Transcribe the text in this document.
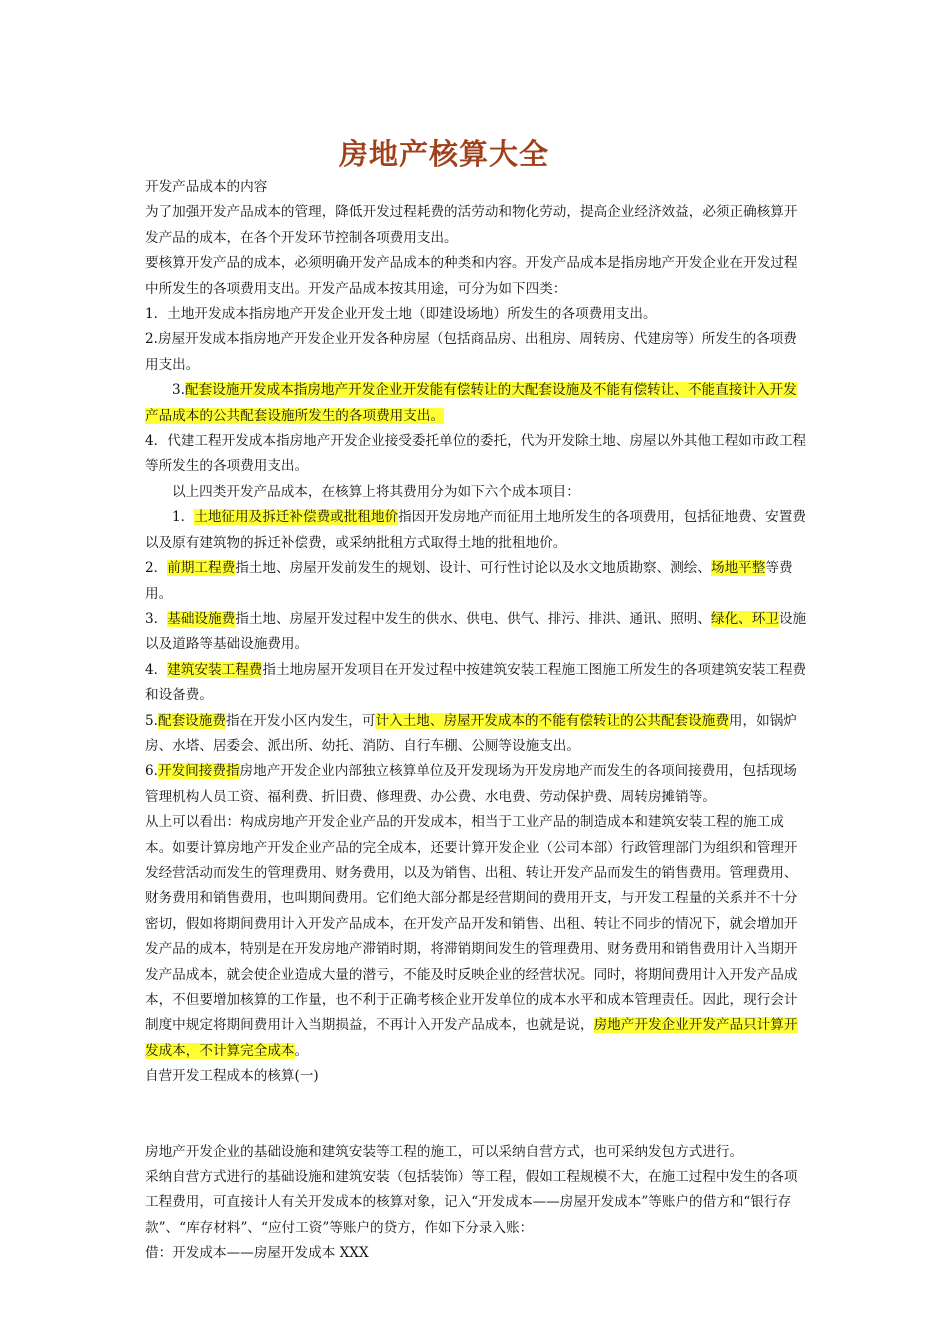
房地产核算大全

开发产品成本的内容

为了加强开发产品成本的管理，降低开发过程耗费的活劳动和物化劳动，提高企业经济效益，必须正确核算开发产品的成本，在各个开发环节控制各项费用支出。

要核算开发产品的成本，必须明确开发产品成本的种类和内容。开发产品成本是指房地产开发企业在开发过程中所发生的各项费用支出。开发产品成本按其用途，可分为如下四类：

1．土地开发成本指房地产开发企业开发土地（即建设场地）所发生的各项费用支出。

2.房屋开发成本指房地产开发企业开发各种房屋（包括商品房、出租房、周转房、代建房等）所发生的各项费用支出。

3.配套设施开发成本指房地产开发企业开发能有偿转让的大配套设施及不能有偿转让、不能直接计入开发产品成本的公共配套设施所发生的各项费用支出。

4．代建工程开发成本指房地产开发企业接受委托单位的委托，代为开发除土地、房屋以外其他工程如市政工程等所发生的各项费用支出。

以上四类开发产品成本，在核算上将其费用分为如下六个成本项目：

1．土地征用及拆迁补偿费或批租地价指因开发房地产而征用土地所发生的各项费用，包括征地费、安置费以及原有建筑物的拆迁补偿费，或采纳批租方式取得土地的批租地价。

2．前期工程费指土地、房屋开发前发生的规划、设计、可行性讨论以及水文地质勘察、测绘、场地平整等费用。

3．基础设施费指土地、房屋开发过程中发生的供水、供电、供气、排污、排洪、通讯、照明、绿化、环卫设施以及道路等基础设施费用。

4．建筑安装工程费指土地房屋开发项目在开发过程中按建筑安装工程施工图施工所发生的各项建筑安装工程费和设备费。

5.配套设施费指在开发小区内发生，可计入土地、房屋开发成本的不能有偿转让的公共配套设施费用，如锅炉房、水塔、居委会、派出所、幼托、消防、自行车棚、公厕等设施支出。

6.开发间接费指房地产开发企业内部独立核算单位及开发现场为开发房地产而发生的各项间接费用，包括现场管理机构人员工资、福利费、折旧费、修理费、办公费、水电费、劳动保护费、周转房摊销等。

从上可以看出：构成房地产开发企业产品的开发成本，相当于工业产品的制造成本和建筑安装工程的施工成本。如要计算房地产开发企业产品的完全成本，还要计算开发企业（公司本部）行政管理部门为组织和管理开发经营活动而发生的管理费用、财务费用，以及为销售、出租、转让开发产品而发生的销售费用。管理费用、财务费用和销售费用，也叫期间费用。它们绝大部分都是经营期间的费用开支，与开发工程量的关系并不十分密切，假如将期间费用计入开发产品成本，在开发产品开发和销售、出租、转让不同步的情况下，就会增加开发产品的成本，特别是在开发房地产滞销时期，将滞销期间发生的管理费用、财务费用和销售费用计入当期开发产品成本，就会使企业造成大量的潜亏，不能及时反映企业的经营状况。同时，将期间费用计入开发产品成本，不但要增加核算的工作量，也不利于正确考核企业开发单位的成本水平和成本管理责任。因此，现行会计制度中规定将期间费用计入当期损益，不再计入开发产品成本，也就是说，房地产开发企业开发产品只计算开发成本，不计算完全成本。

自营开发工程成本的核算(一)

房地产开发企业的基础设施和建筑安装等工程的施工，可以采纳自营方式，也可采纳发包方式进行。

采纳自营方式进行的基础设施和建筑安装（包括装饰）等工程，假如工程规模不大，在施工过程中发生的各项工程费用，可直接计人有关开发成本的核算对象，记入“开发成本——房屋开发成本”等账户的借方和“银行存款”、“库存材料”、“应付工资”等账户的贷方，作如下分录入账：

借：开发成本——房屋开发成本 XXX
